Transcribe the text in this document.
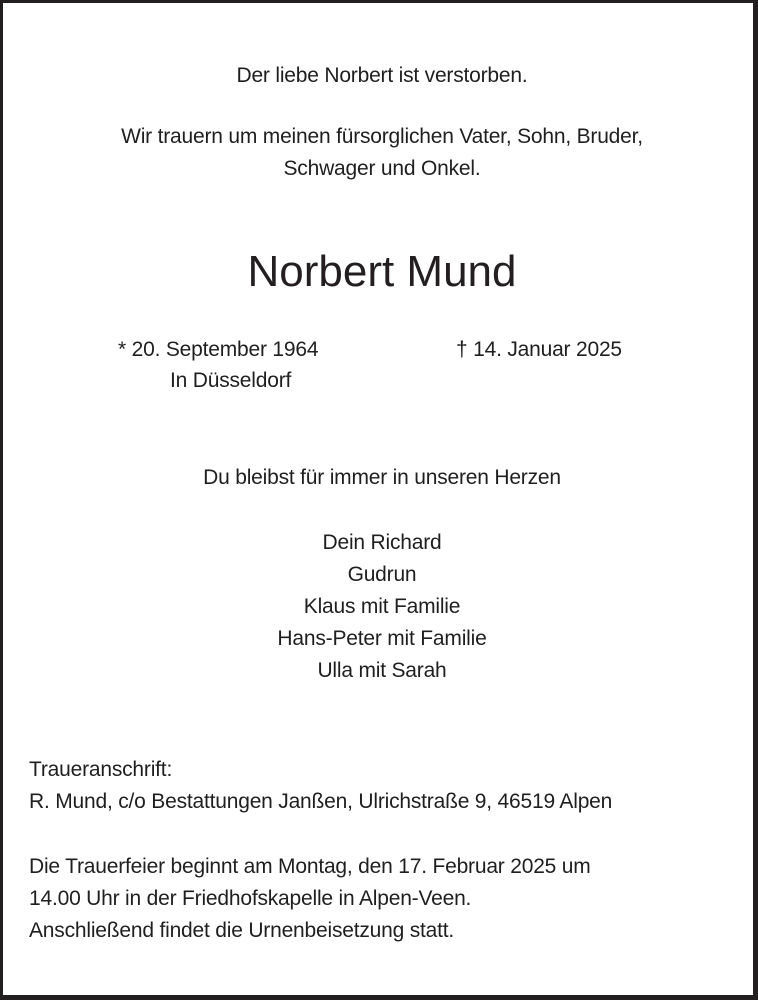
Der liebe Norbert ist verstorben.
Wir trauern um meinen fürsorglichen Vater, Sohn, Bruder,
Schwager und Onkel.
Norbert Mund
* 20. September 1964
In Düsseldorf
† 14. Januar 2025
Du bleibst für immer in unseren Herzen
Dein Richard
Gudrun
Klaus mit Familie
Hans-Peter mit Familie
Ulla mit Sarah
Traueranschrift:
R. Mund, c/o Bestattungen Janßen, Ulrichstraße 9, 46519 Alpen
Die Trauerfeier beginnt am Montag, den 17. Februar 2025 um
14.00 Uhr in der Friedhofskapelle in Alpen-Veen.
Anschließend findet die Urnenbeisetzung statt.
